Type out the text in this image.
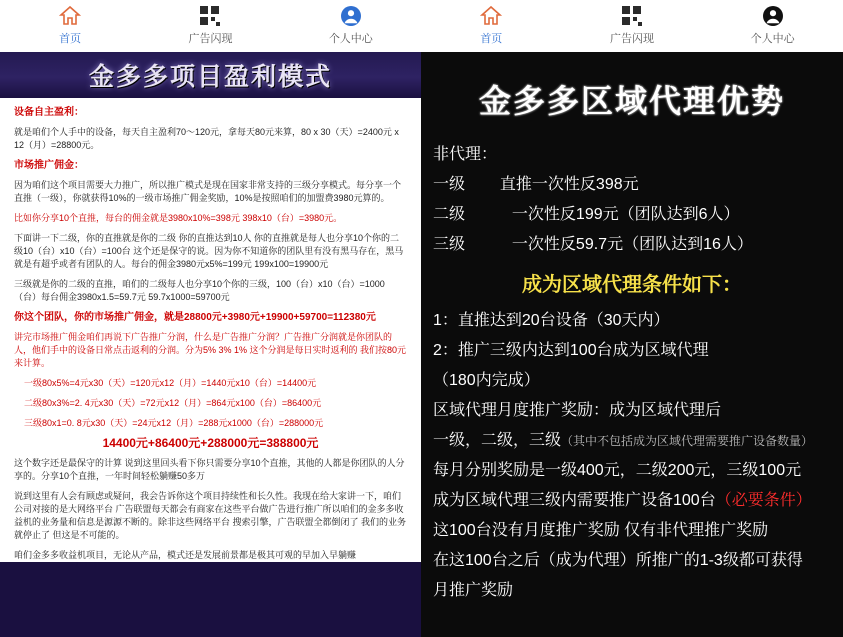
首页	广告闪现	个人中心
金多多项目盈利模式

设备自主盈利：

就是咱们个人手中的设备，每天自主盈利70～120元，拿每天80元来算，80 x 30（天）=2400元 x 12（月）=28800元。

市场推广佣金：

因为咱们这个项目需要大力推广，所以推广模式是现在国家非常支持的三级分享模式。每分享一个直推（一级），你就获得10%的一级市场推广佣金奖励，10%是按照咱们的加盟费3980元算的。

比如你分享10个直推，每台的佣金就是3980x10%=398元 398x10（台）=3980元。

下面讲一下二级，你的直推就是你的二级 你的直推达到10人 你的直推就是每人也分享10个你的二级10（台）x10（台）=100台 这个还是保守的说。因为你不知道你的团队里有没有黑马存在，黑马就是有超乎或者有团队的人。每台的佣金3980元x5%=199元 199x100=19900元

三级就是你的二级的直推，咱们的二级每人也分享10个你的三级，100（台）x10（台）=1000（台）每台佣金3980x1.5=59.7元 59.7x1000=59700元

你这个团队，你的市场推广佣金，就是28800元+3980元+19900+59700=112380元

讲完市场推广佣金咱们再说下广告推广分润，什么是广告推广分润？广告推广分润就是你团队的人，他们手中的设备日常点击返利的分润。分为5% 3% 1% 这个分润是每日实时返利的 我们按80元来计算。

一级80x5%=4元x30（天）=120元x12（月）=1440元x10（台）=14400元

二级80x3%=2. 4元x30（天）=72元x12（月）=864元x100（台）=86400元

三级80x1=0. 8元x30（天）=24元x12（月）=288元x1000（台）=288000元

14400元+86400元+288000元=388800元

这个数字还是最保守的计算 说到这里回头看下你只需要分享10个直推，其他的人都是你团队的人分享的。分享10个直推，一年时间轻松躺赚50多万

说到这里有人会有顾虑或疑问，我会告诉你这个项目持续性和长久性。我现在给大家讲一下，咱们公司对接的是大网络平台 广告联盟每天都会有商家在这些平台做广告进行推广所以咱们的金多多收益机的业务量和信息是源源不断的。除非这些网络平台 搜索引擎，广告联盟全都倒闭了 我们的业务就停止了 但这是不可能的。

咱们金多多收益机项目，无论从产品，模式还是发展前景都是极其可观的早加入早躺赚

首页	广告闪现	个人中心
金多多区域代理优势
非代理：
一级 直推一次性反398元
二级	一次性反199元（团队达到6人）
三级	一次性反59.7元（团队达到16人）
成为区域代理条件如下：
1：直推达到20台设备（30天内）
2：推广三级内达到100台成为区域代理
（180内完成）
区域代理月度推广奖励：成为区域代理后
一级，二级，三级（其中不包括成为区域代理需要推广设备数量）
每月分别奖励是一级400元，二级200元，三级100元
成为区域代理三级内需要推广设备100台（必要条件）
这100台没有月度推广奖励 仅有非代理推广奖励
在这100台之后（成为代理）所推广的1-3级都可获得
月推广奖励
